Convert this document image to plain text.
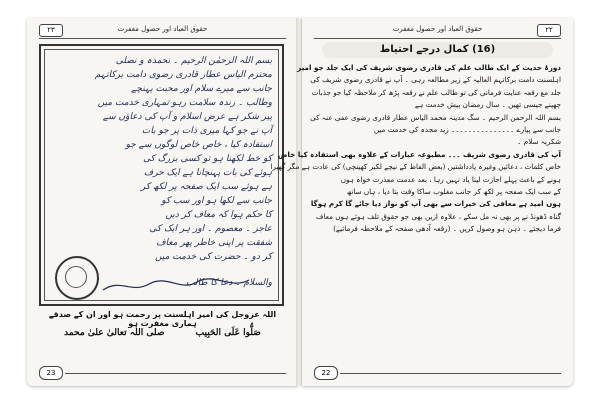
۲۳	حقوق العباد اور حصول مغفرت
بسم اللہ الرحمٰن الرحیم ۔ نحمدہ و نصلی
محترم الیاس عطار قادری رضوی دامت برکاتہم
جانب سے میرے سلام اور محبت پہنچے
وطالب ۔ زندہ سلامت رہو تمہاری خدمت میں
پیر شکر ہے عرض اسلام و آپ کی دعاؤں سے
آپ نے جو کہا میری ذات پر جو بات
استفادہ کیا ، خاص خاص لوگوں سے جو
کو خط لکھنا ہو تو کسی بزرگ کی
ہوئے کی بات پہنچانا ہے ایک حرف
ہے ہوئے سب ایک صفحہ پر لکھ کر
جانب سے لکھا ہو اور سب کو
کا حکم ہوا کہ معاف کر دیں
عاجز ۔ معصوم ۔ اور ہر ایک کی
شفقت پر اپنی خاطر پھر معاف
کر دو ۔ حضرت کی خدمت میں
والسلام ۔ دعا کا طالب
اللہ عزوجل کی امیر اہلسنت پر رحمت ہو اور ان کے صدقے ہماری مغفرت ہو
صَلُّوا عَلَی الحَبِیب صلی اللہ تعالیٰ علیٰ محمد
23
۲۲
حقوق العباد اور حصول مغفرت
(16) کمال درجے احتیاط

دورۂ حدیث کے ایک طالب علم کی قادری رضوی شریف کی ایک جلد جو امیر

اہلسنت دامت برکاتہم العالیہ کے زیر مطالعہ رہی ۔ آپ نے قادری رضوی شریف کی

جلد مع رقعہ عنایت فرمانی کی تو طالب علم نے رقعہ پڑھ کر ملاحظہ کیا جو جذبات

چھپنے جیسی تھیں ۔ سال رمضان پیش خدمت ہے

بسم اللہ الرحمن الرحیم ۔ سگ مدینہ محمد الیاس عطار قادری رضوی عفی عنہ کی

جانب سے پیارے ۔۔۔۔۔۔۔۔۔۔۔۔۔۔۔ زید مجدہ کی خدمت میں

شکریہ سلام ۔

آپ کی قادری رضوی شریف ۔۔۔ مطبوعہ عبارات کے علاوہ بھی استفادہ کیا خاص

خاص کلمات ، دعائیں وغیرہ یادداشتیں (بعض الفاظ کے نیچے لکیر کھینچی) کی عادت ہے مگر گھبرا

ہونے کے باعث پہلے اجازت لینا یاد نہیں رہا ، بعد عدمت معذرت خواہ ہوں

کے سب ایک صفحہ پر لکھ کر جانب مغلوب ساکا وقت بتا دیا ، ہاں ساتھ

ہوں امید ہے معافی کی خیرات سے بھی آپ کو نواز دیا جائے گا کرم ہوگا

گناہ ڈھونڈ نے پر بھی نہ مل سکے ، علاوہ ازیں بھی جو حقوق تلف ہوئے ہوں معاف

فرما دیجئے ۔ ذہن ہو وصول کریں ۔ (رقعہ آدھی صفحہ کے ملاحظہ فرمائیے)

22
